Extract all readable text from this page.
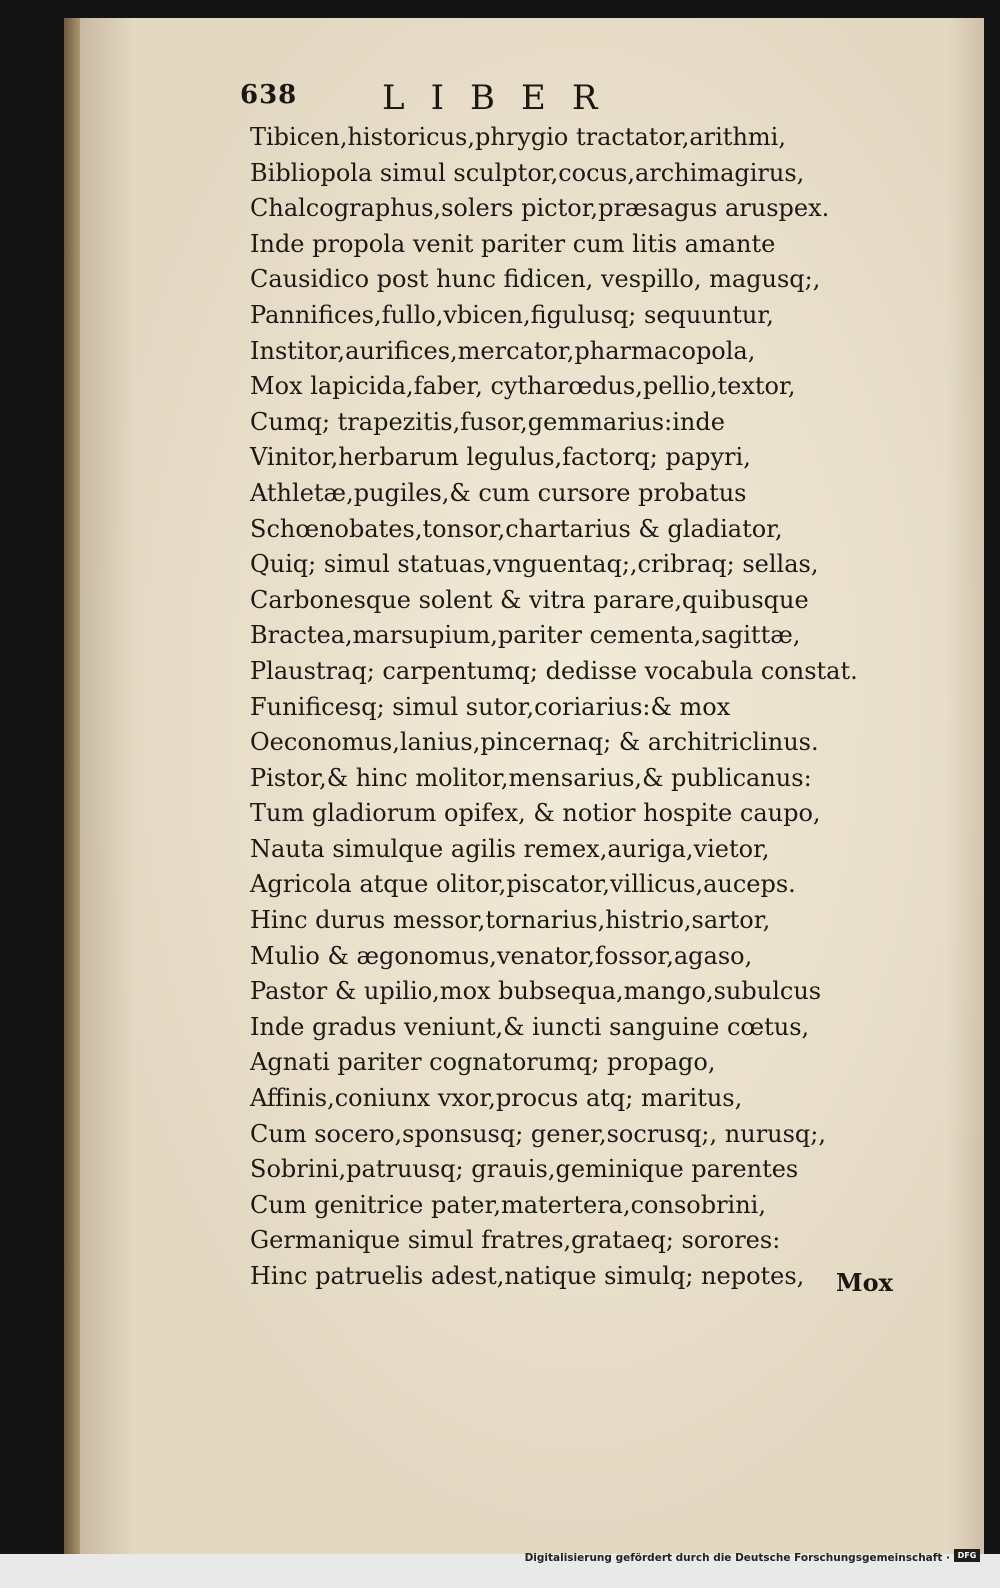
638 LIBER
Tibicen,historicus,phrygio tractator,arithmi,
Bibliopola simul sculptor,cocus,archimagirus,
Chalcographus,solers pictor,præsagus aruspex.
Inde propola venit pariter cum litis amante
Causidico post hunc fidicen, vespillo, magusq;,
Pannifices,fullo,vbicen,figulusq; sequuntur,
Institor,aurifices,mercator,pharmacopola,
Mox lapicida,faber, cytharœdus,pellio,textor,
Cumq; trapezitis,fusor,gemmarius:inde
Vinitor,herbarum legulus,factorq; papyri,
Athletæ,pugiles,& cum cursore probatus
Schœnobates,tonsor,chartarius & gladiator,
Quiq; simul statuas,vnguentaq;,cribraq; sellas,
Carbonesque solent & vitra parare,quibusque
Bractea,marsupium,pariter cementa,sagittæ,
Plaustraq; carpentumq; dedisse vocabula constat.
Funificesq; simul sutor,coriarius:& mox
Oeconomus,lanius,pincernaq; & architriclinus.
Pistor,& hinc molitor,mensarius,& publicanus:
Tum gladiorum opifex, & notior hospite caupo,
Nauta simulque agilis remex,auriga,vietor,
Agricola atque olitor,piscator,villicus,auceps.
Hinc durus messor,tornarius,histrio,sartor,
Mulio & ægonomus,venator,fossor,agaso,
Pastor & upilio,mox bubsequa,mango,subulcus
Inde gradus veniunt,& iuncti sanguine cœtus,
Agnati pariter cognatorumq; propago,
Affinis,coniunx vxor,procus atq; maritus,
Cum socero,sponsusq; gener,socrusq;, nurusq;,
Sobrini,patruusq; grauis,geminique parentes
Cum genitrice pater,matertera,consobrini,
Germanique simul fratres,grataeq; sorores:
Hinc patruelis adest,natique simulq; nepotes,	Mox
Digitalisierung gefördert durch die Deutsche Forschungsgemeinschaft · DFG
